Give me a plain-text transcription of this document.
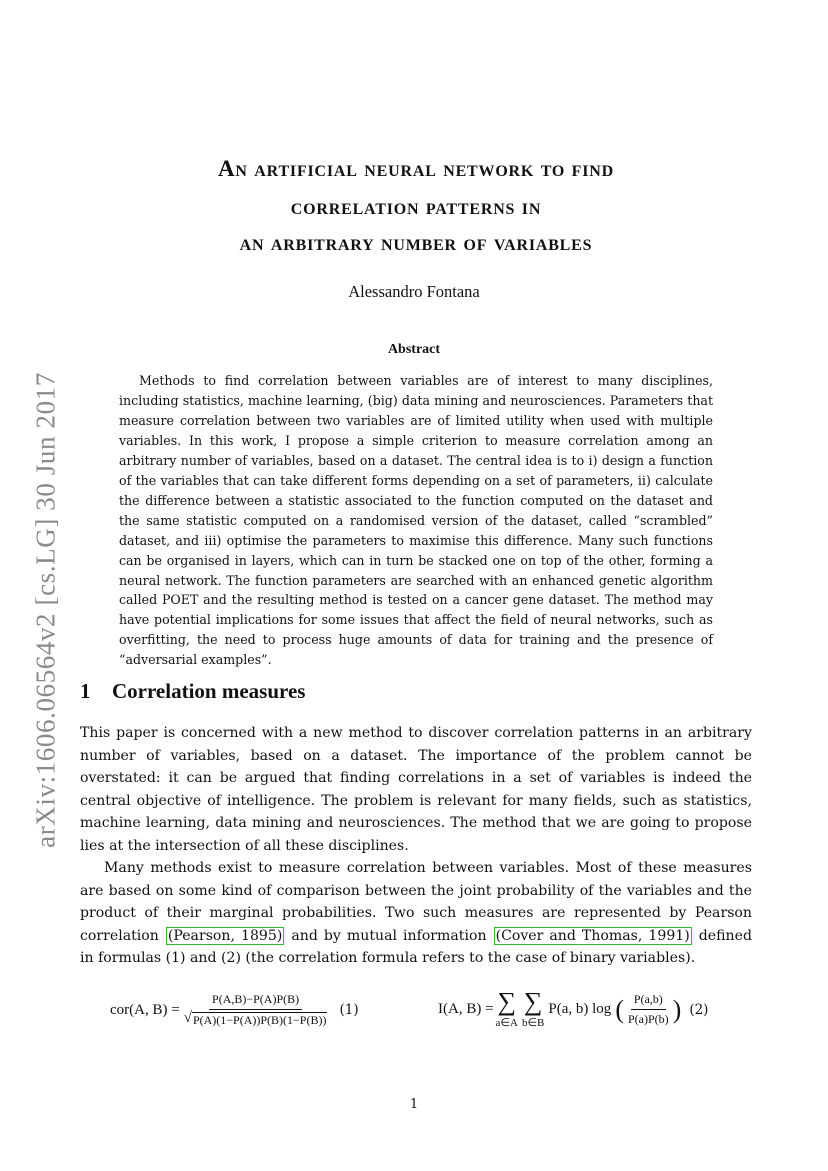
An artificial neural network to find
correlation patterns in
an arbitrary number of variables
Alessandro Fontana
Abstract
Methods to find correlation between variables are of interest to many disciplines, including statistics, machine learning, (big) data mining and neurosciences. Parameters that measure correlation between two variables are of limited utility when used with multiple variables. In this work, I propose a simple criterion to measure correlation among an arbitrary number of variables, based on a dataset. The central idea is to i) design a function of the variables that can take different forms depending on a set of parameters, ii) calculate the difference between a statistic associated to the function computed on the dataset and the same statistic computed on a randomised version of the dataset, called “scrambled” dataset, and iii) optimise the parameters to maximise this difference. Many such functions can be organised in layers, which can in turn be stacked one on top of the other, forming a neural network. The function parameters are searched with an enhanced genetic algorithm called POET and the resulting method is tested on a cancer gene dataset. The method may have potential implications for some issues that affect the field of neural networks, such as overfitting, the need to process huge amounts of data for training and the presence of “adversarial examples”.
arXiv:1606.06564v2 [cs.LG] 30 Jun 2017 1 Correlation measures
This paper is concerned with a new method to discover correlation patterns in an arbitrary number of variables, based on a dataset. The importance of the problem cannot be overstated: it can be argued that finding correlations in a set of variables is indeed the central objective of intelligence. The problem is relevant for many fields, such as statistics, machine learning, data mining and neurosciences. The method that we are going to propose lies at the intersection of all these disciplines.
Many methods exist to measure correlation between variables. Most of these measures are based on some kind of comparison between the joint probability of the variables and the product of their marginal probabilities. Two such measures are represented by Pearson correlation (Pearson, 1895) and by mutual information (Cover and Thomas, 1991) defined in formulas (1) and (2) (the correlation formula refers to the case of binary variables).
cor(A, $B) = \frac{P(A,B)-P(A)P(B)}{√ P(A)(1-P(A))P(B)(1-P(B))} (1)$	I(A, B) = ∑
a∈A
∑
b∈B
P(a, b) log ( $\frac{P(a,b)}{P(a)P(b)}$ ) (2)
1
